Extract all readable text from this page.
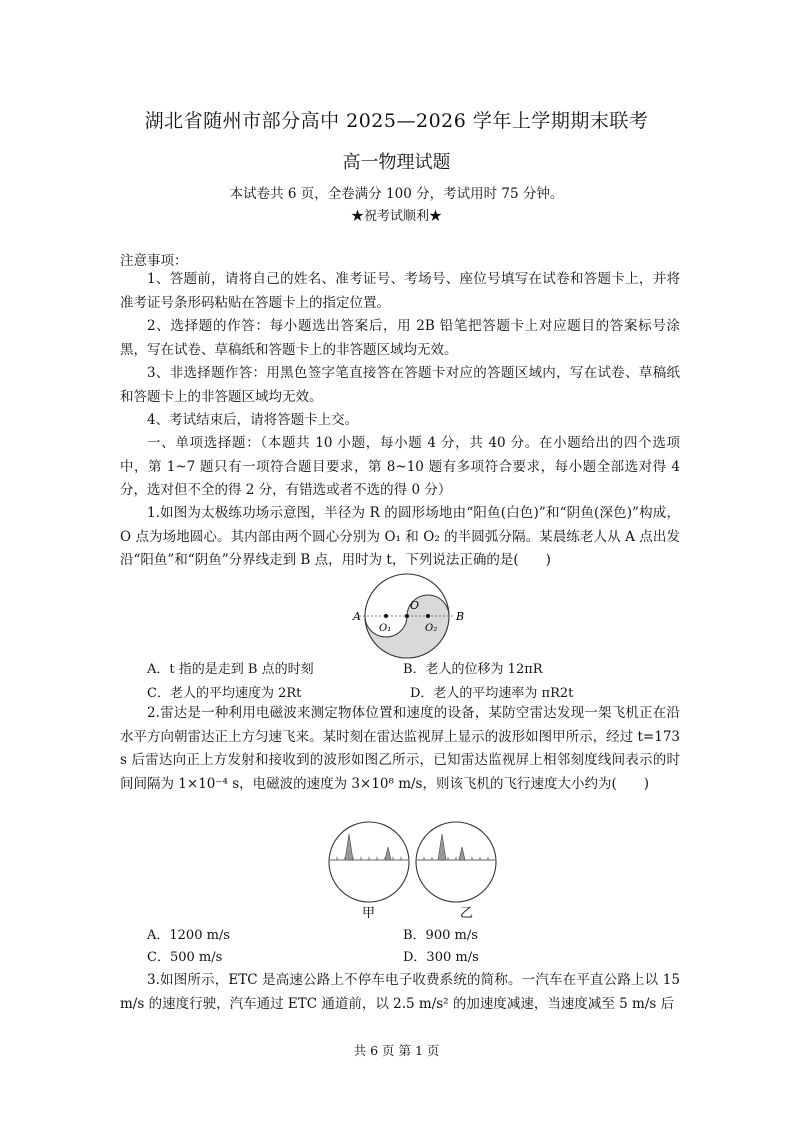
湖北省随州市部分高中 2025—2026 学年上学期期末联考
高一物理试题
本试卷共 6 页，全卷满分 100 分，考试用时 75 分钟。
★祝考试顺利★
注意事项：
1、答题前，请将自己的姓名、准考证号、考场号、座位号填写在试卷和答题卡上，并将准考证号条形码粘贴在答题卡上的指定位置。
2、选择题的作答：每小题选出答案后，用 2B 铅笔把答题卡上对应题目的答案标号涂黑，写在试卷、草稿纸和答题卡上的非答题区域均无效。
3、非选择题作答：用黑色签字笔直接答在答题卡对应的答题区域内，写在试卷、草稿纸和答题卡上的非答题区域均无效。
4、考试结束后，请将答题卡上交。
一、单项选择题：（本题共 10 小题，每小题 4 分，共 40 分。在小题给出的四个选项中，第 1~7 题只有一项符合题目要求，第 8~10 题有多项符合要求，每小题全部选对得 4 分，选对但不全的得 2 分，有错选或者不选的得 0 分）
1.如图为太极练功场示意图，半径为 R 的圆形场地由“阳鱼(白色)”和“阴鱼(深色)”构成，O 点为场地圆心。其内部由两个圆心分别为 O₁ 和 O₂ 的半圆弧分隔。某晨练老人从 A 点出发沿“阳鱼”和“阴鱼”分界线走到 B 点，用时为 t，下列说法正确的是(　　)
A	B
O
O₁	O₂
A．t 指的是走到 B 点的时刻	B．老人的位移为 12πR
C．老人的平均速度为 2Rt	D．老人的平均速率为 πR2t
2.雷达是一种利用电磁波来测定物体位置和速度的设备，某防空雷达发现一架飞机正在沿水平方向朝雷达正上方匀速飞来。某时刻在雷达监视屏上显示的波形如图甲所示，经过 t=173 s 后雷达向正上方发射和接收到的波形如图乙所示，已知雷达监视屏上相邻刻度线间表示的时间间隔为 1×10⁻⁴ s，电磁波的速度为 3×10⁸ m/s，则该飞机的飞行速度大小约为(　　)
甲	乙
A．1200 m/s	B．900 m/s
C．500 m/s	D．300 m/s
3.如图所示，ETC 是高速公路上不停车电子收费系统的简称。一汽车在平直公路上以 15 m/s 的速度行驶，汽车通过 ETC 通道前，以 2.5 m/s² 的加速度减速，当速度减至 5 m/s 后
共 6 页 第 1 页
